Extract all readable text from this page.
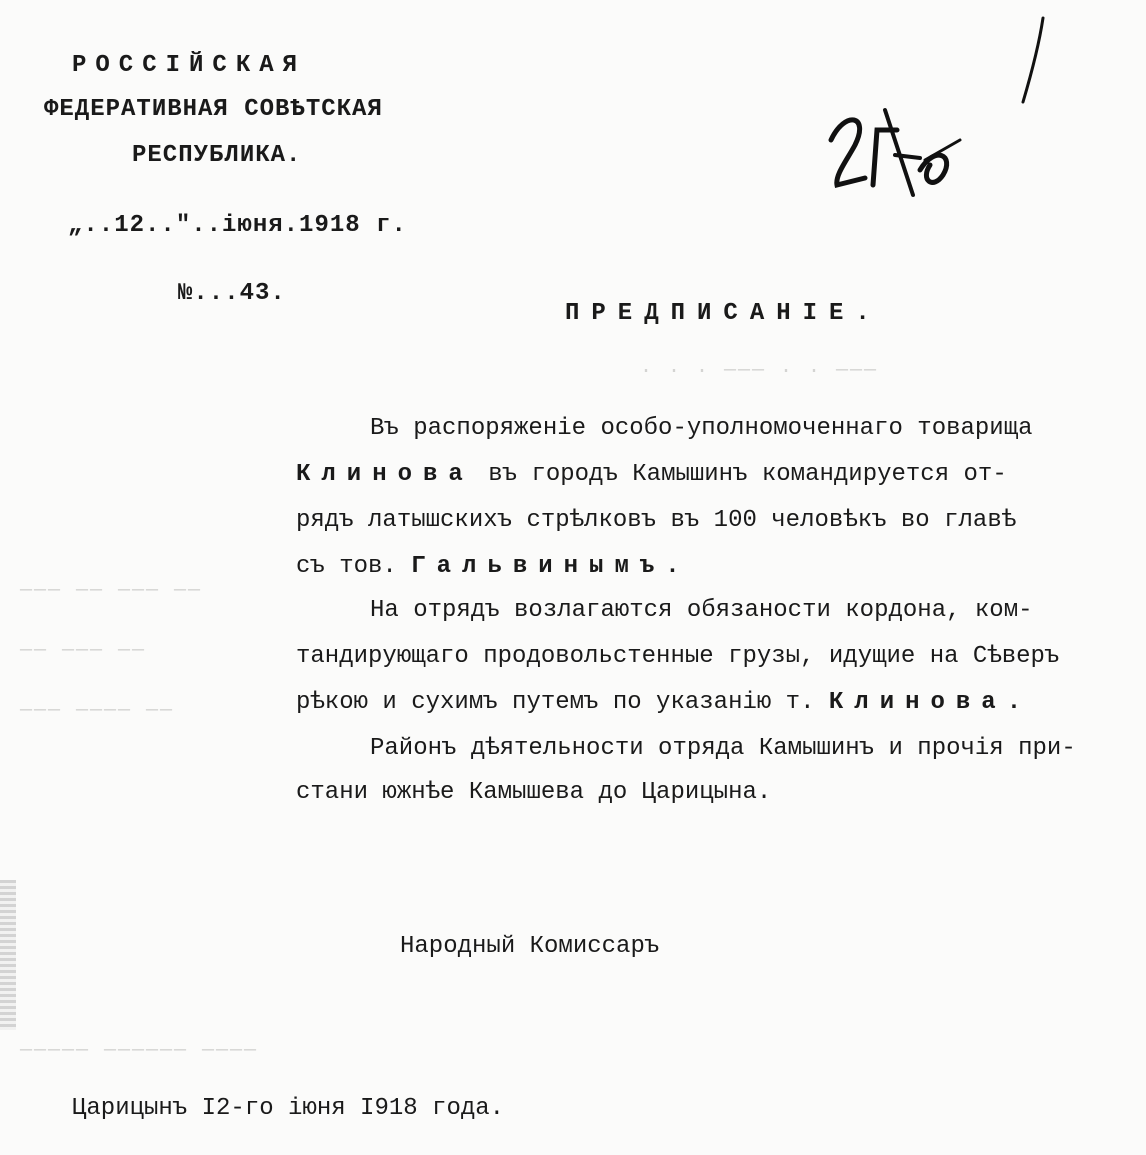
· · · ─── · · ───
─── ── ─── ──
── ─── ──
─── ──── ──
───── ────── ────
РОССIЙСКАЯ
ФЕДЕРАТИВНАЯ СОВѢТСКАЯ
РЕСПУБЛИКА.
„..12.."..iюня.1918 г.
№...43.
ПРЕДПИСАНIЕ.
Въ распоряженiе особо-уполномоченнаго товарища
Клинова въ городъ Камышинъ командируется от-
рядъ латышскихъ стрѣлковъ въ 100 человѣкъ во главѣ
съ тов. Гальвинымъ.
На отрядъ возлагаются обязаности кордона, ком-
тандирующаго продовольстенные грузы, идущие на Сѣверъ
рѣкою и сухимъ путемъ по указанiю т. Клинова.
Районъ дѣятельности отряда Камышинъ и прочiя при-
стани южнѣе Камышева до Царицына.
Народный Комиссаръ
Царицынъ I2-го iюня I918 года.
